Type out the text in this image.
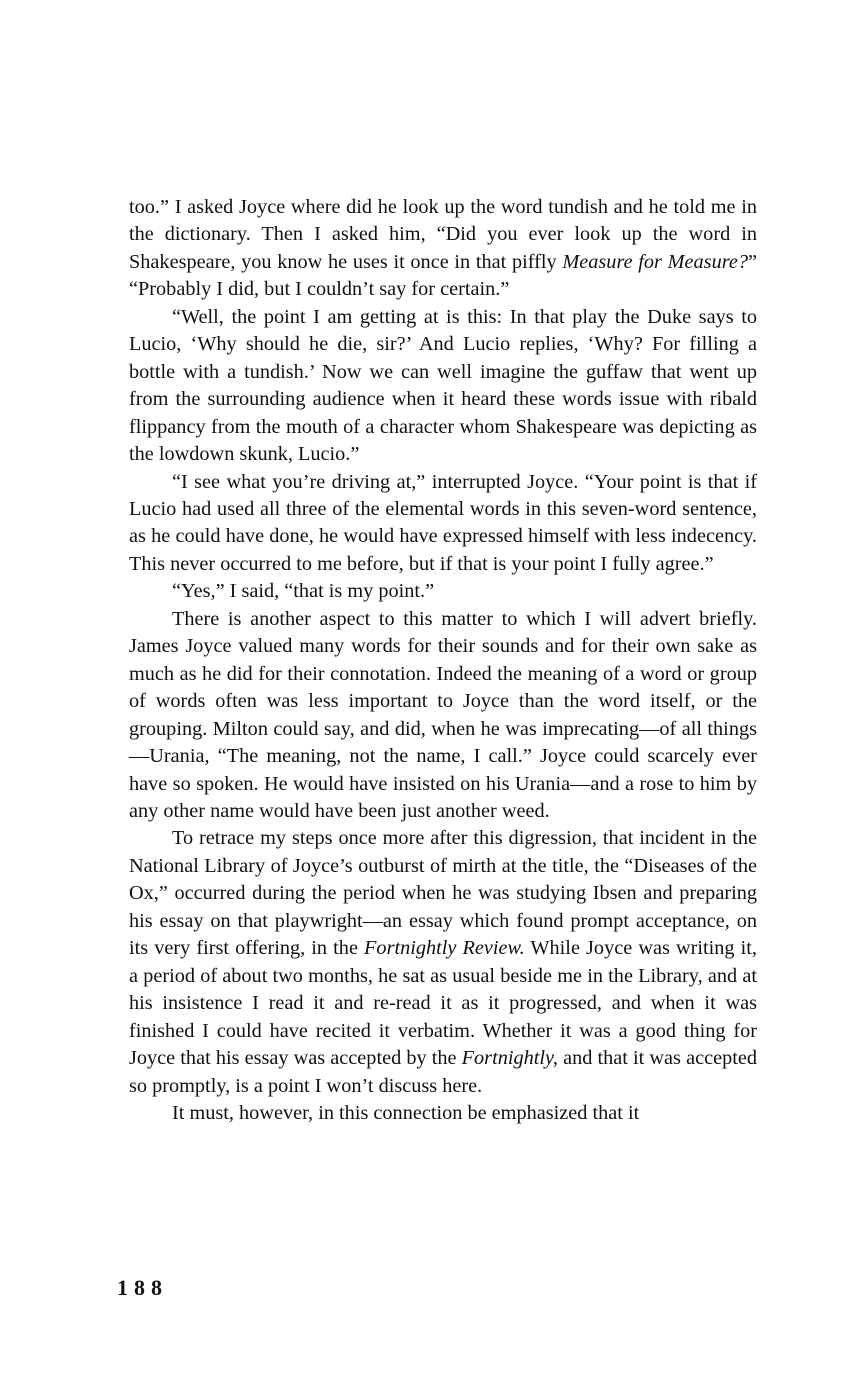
too.” I asked Joyce where did he look up the word tundish and he told me in the dictionary. Then I asked him, “Did you ever look up the word in Shakespeare, you know he uses it once in that piffly Measure for Measure?” “Probably I did, but I couldn’t say for certain.”

“Well, the point I am getting at is this: In that play the Duke says to Lucio, ‘Why should he die, sir?’ And Lucio replies, ‘Why? For filling a bottle with a tundish.’ Now we can well imagine the guffaw that went up from the surrounding audience when it heard these words issue with ribald flippancy from the mouth of a character whom Shakespeare was depicting as the lowdown skunk, Lucio.”

“I see what you’re driving at,” interrupted Joyce. “Your point is that if Lucio had used all three of the elemental words in this seven-word sentence, as he could have done, he would have expressed himself with less indecency. This never occurred to me before, but if that is your point I fully agree.”

“Yes,” I said, “that is my point.”

There is another aspect to this matter to which I will advert briefly. James Joyce valued many words for their sounds and for their own sake as much as he did for their connotation. Indeed the meaning of a word or group of words often was less important to Joyce than the word itself, or the grouping. Milton could say, and did, when he was imprecating—of all things—Urania, “The meaning, not the name, I call.” Joyce could scarcely ever have so spoken. He would have insisted on his Urania—and a rose to him by any other name would have been just another weed.

To retrace my steps once more after this digression, that incident in the National Library of Joyce’s outburst of mirth at the title, the “Diseases of the Ox,” occurred during the period when he was studying Ibsen and preparing his essay on that playwright—an essay which found prompt acceptance, on its very first offering, in the Fortnightly Review. While Joyce was writing it, a period of about two months, he sat as usual beside me in the Library, and at his insistence I read it and re-read it as it progressed, and when it was finished I could have recited it verbatim. Whether it was a good thing for Joyce that his essay was accepted by the Fortnightly, and that it was accepted so promptly, is a point I won’t discuss here.

It must, however, in this connection be emphasized that it

188
